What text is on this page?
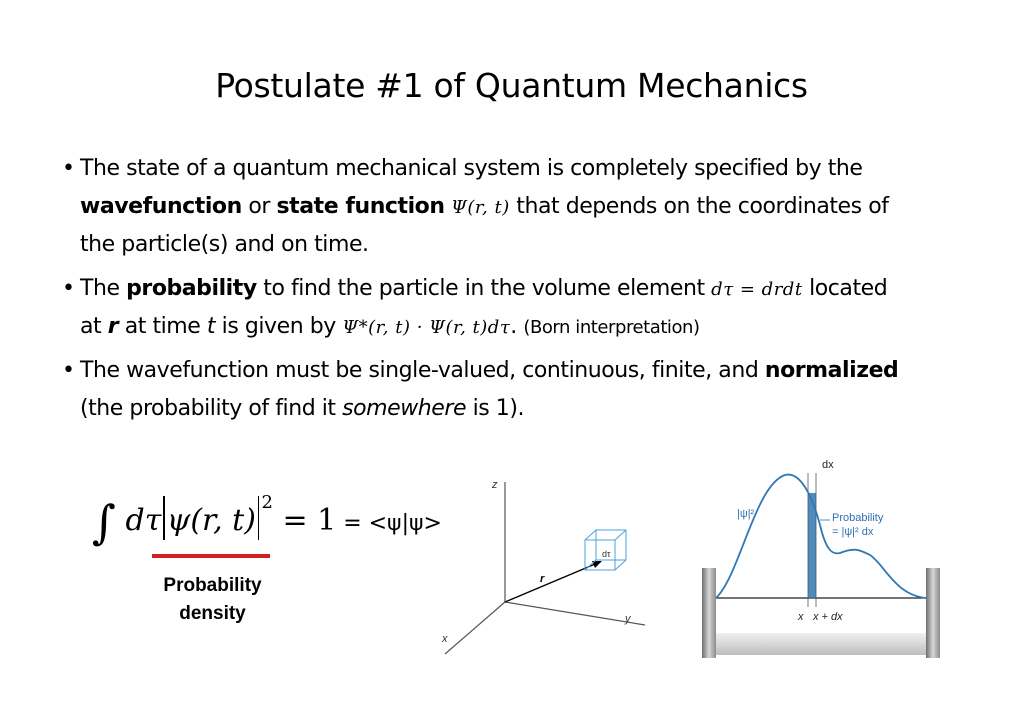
Postulate #1 of Quantum Mechanics
• The state of a quantum mechanical system is completely specified by the
wavefunction or state function Ψ(r, t) that depends on the coordinates of
the particle(s) and on time.
• The probability to find the particle in the volume element dτ = drdt located
at r at time t is given by Ψ*(r, t) · Ψ(r, t)dτ. (Born interpretation)
• The wavefunction must be single-valued, continuous, finite, and normalized
(the probability of find it somewhere is 1).
∫ dτ ψ(r, t)$^2$ = 1 = <ψ|ψ>
Probability
density
z
y
x
r
dτ
dx
|ψ|²	Probability
= |ψ|² dx
x x + dx
